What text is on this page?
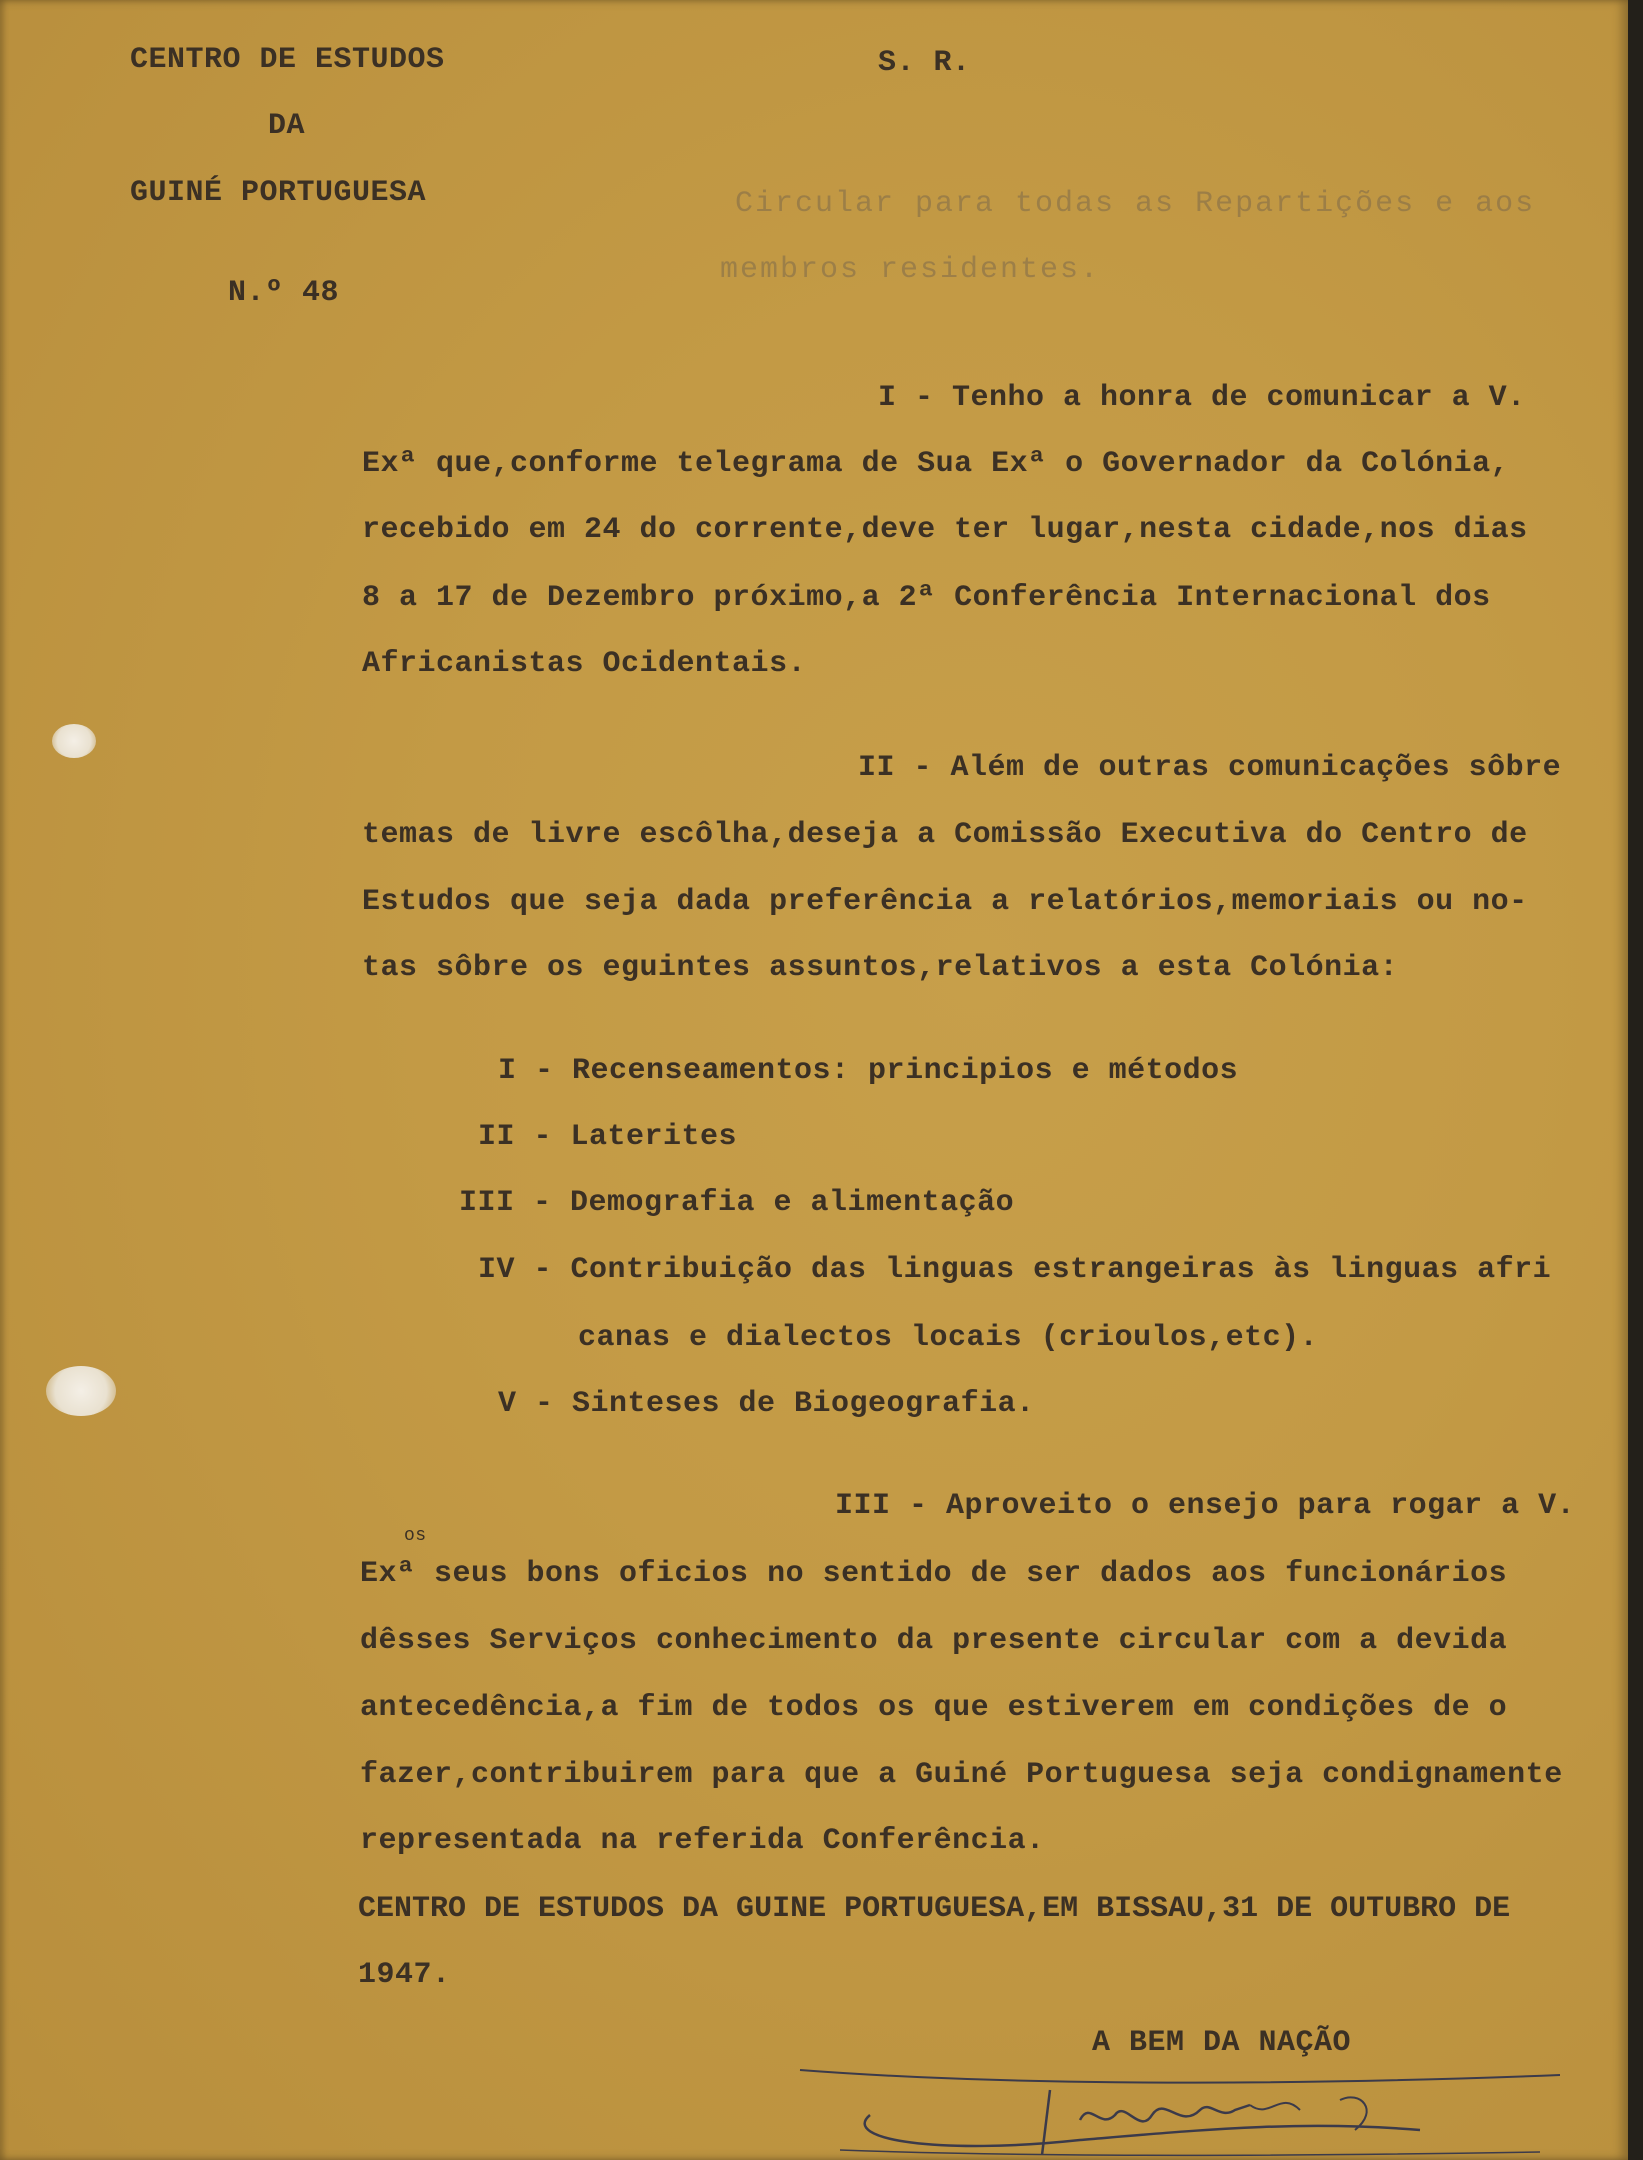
CENTRO DE ESTUDOS
DA
GUINÉ PORTUGUESA
N.º 48
S. R.
Circular para todas as Repartições e aos
membros residentes.
I - Tenho a honra de comunicar a V.
Exª que,conforme telegrama de Sua Exª o Governador da Colónia,
recebido em 24 do corrente,deve ter lugar,nesta cidade,nos dias
8 a 17 de Dezembro próximo,a 2ª Conferência Internacional dos
Africanistas Ocidentais.
II - Além de outras comunicações sôbre
temas de livre escôlha,deseja a Comissão Executiva do Centro de
Estudos que seja dada preferência a relatórios,memoriais ou no-
tas sôbre os eguintes assuntos,relativos a esta Colónia:
I - Recenseamentos: principios e métodos
II - Laterites
III - Demografia e alimentação
IV - Contribuição das linguas estrangeiras às linguas afri
canas e dialectos locais (crioulos,etc).
V - Sinteses de Biogeografia.
III - Aproveito o ensejo para rogar a V.
os
Exª seus bons oficios no sentido de ser dados aos funcionários
dêsses Serviços conhecimento da presente circular com a devida
antecedência,a fim de todos os que estiverem em condições de o
fazer,contribuirem para que a Guiné Portuguesa seja condignamente
representada na referida Conferência.
CENTRO DE ESTUDOS DA GUINE PORTUGUESA,EM BISSAU,31 DE OUTUBRO DE
1947.
A BEM DA NAÇÃO
